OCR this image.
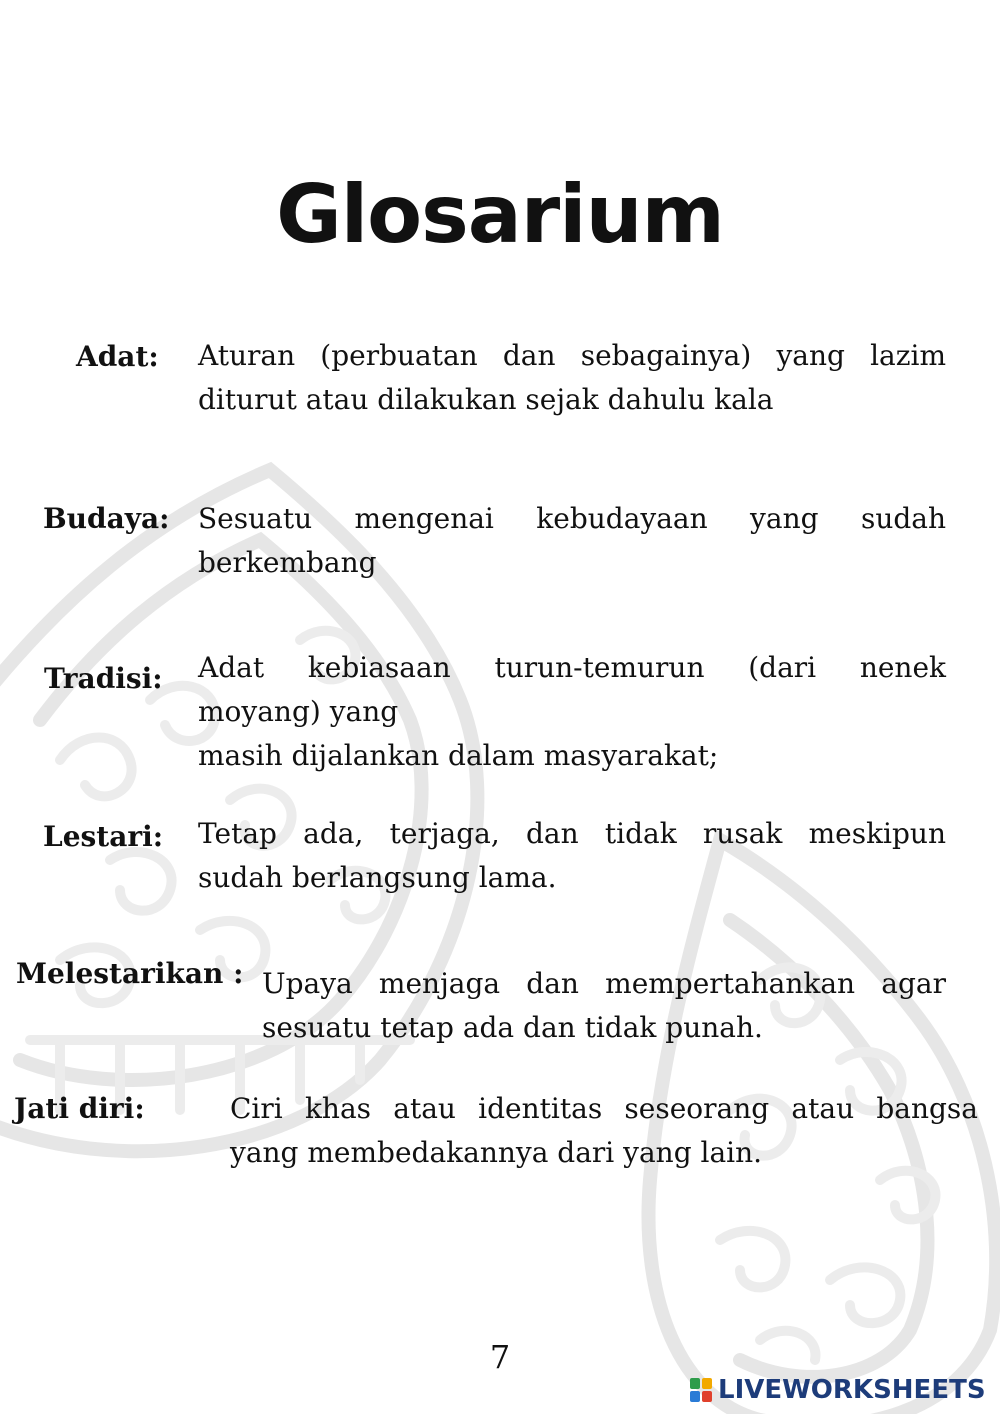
Glosarium
Adat: Aturan (perbuatan dan sebagainya) yang lazim
diturut atau dilakukan sejak dahulu kala
Budaya: Sesuatu mengenai kebudayaan yang sudah
berkembang
Tradisi: Adat kebiasaan turun-temurun (dari nenek
moyang) yang
masih dijalankan dalam masyarakat;
Lestari: Tetap ada, terjaga, dan tidak rusak meskipun
sudah berlangsung lama.
Melestarikan : Upaya menjaga dan mempertahankan agar
sesuatu tetap ada dan tidak punah.
Jati diri:	Ciri khas atau identitas seseorang atau bangsa
yang membedakannya dari yang lain.
7
LIVEWORKSHEETS
